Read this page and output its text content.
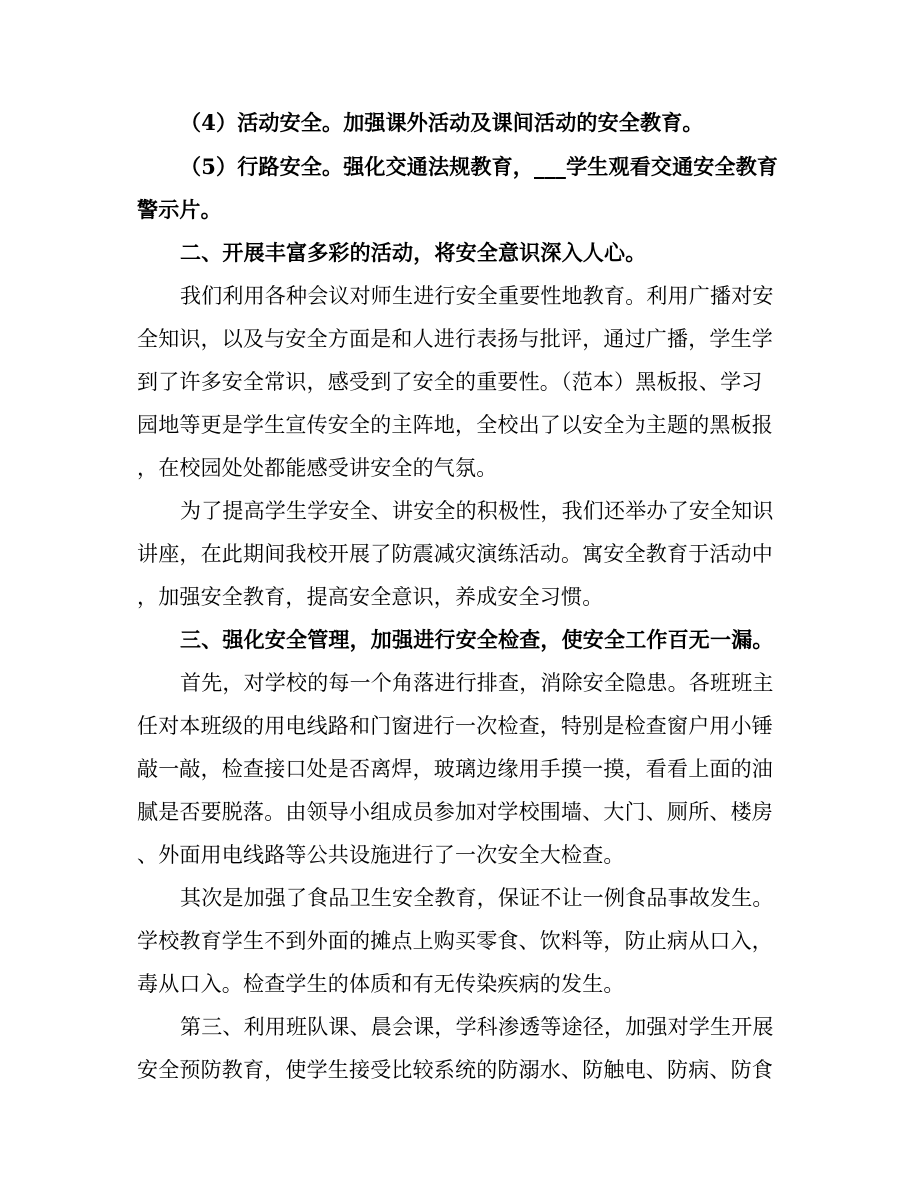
（4）活动安全。加强课外活动及课间活动的安全教育。
（5）行路安全。强化交通法规教育，___学生观看交通安全教育
警示片。
二、开展丰富多彩的活动，将安全意识深入人心。
我们利用各种会议对师生进行安全重要性地教育。利用广播对安
全知识，以及与安全方面是和人进行表扬与批评，通过广播，学生学
到了许多安全常识，感受到了安全的重要性。（范本）黑板报、学习
园地等更是学生宣传安全的主阵地，全校出了以安全为主题的黑板报
，在校园处处都能感受讲安全的气氛。
为了提高学生学安全、讲安全的积极性，我们还举办了安全知识
讲座，在此期间我校开展了防震减灾演练活动。寓安全教育于活动中
，加强安全教育，提高安全意识，养成安全习惯。
三、强化安全管理，加强进行安全检查，使安全工作百无一漏。
首先，对学校的每一个角落进行排查，消除安全隐患。各班班主
任对本班级的用电线路和门窗进行一次检查，特别是检查窗户用小锤
敲一敲，检查接口处是否离焊，玻璃边缘用手摸一摸，看看上面的油
腻是否要脱落。由领导小组成员参加对学校围墙、大门、厕所、楼房
、外面用电线路等公共设施进行了一次安全大检查。
其次是加强了食品卫生安全教育，保证不让一例食品事故发生。
学校教育学生不到外面的摊点上购买零食、饮料等，防止病从口入，
毒从口入。检查学生的体质和有无传染疾病的发生。
第三、利用班队课、晨会课，学科渗透等途径，加强对学生开展
安全预防教育，使学生接受比较系统的防溺水、防触电、防病、防食
